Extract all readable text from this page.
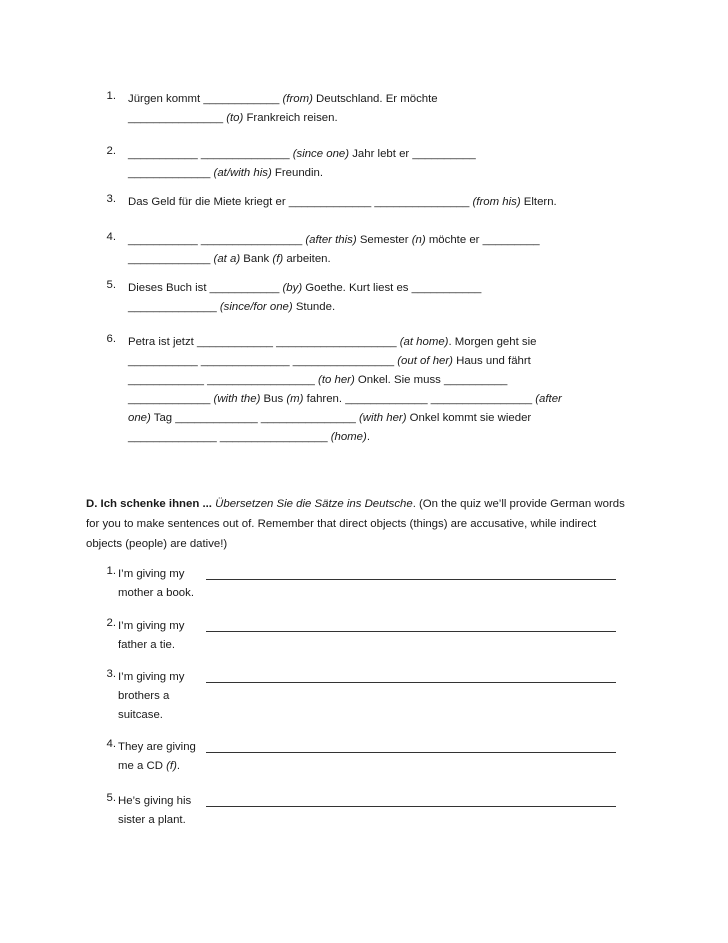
1. Jürgen kommt ____________ (from) Deutschland. Er möchte
_______________ (to) Frankreich reisen.
2. ___________ ______________ (since one) Jahr lebt er __________
_____________ (at/with his) Freundin.
3. Das Geld für die Miete kriegt er _____________ _______________ (from his) Eltern.
4. ___________ ________________ (after this) Semester (n) möchte er _________
_____________ (at a) Bank (f) arbeiten.
5. Dieses Buch ist ___________ (by) Goethe. Kurt liest es ___________
______________ (since/for one) Stunde.
6. Petra ist jetzt ____________ ___________________ (at home). Morgen geht sie
___________ ______________ ________________ (out of her) Haus und fährt
____________ _________________ (to her) Onkel. Sie muss __________
_____________ (with the) Bus (m) fahren. _____________ ________________ (after
one) Tag _____________ _______________ (with her) Onkel kommt sie wieder
______________ _________________ (home).
D. Ich schenke ihnen ... Übersetzen Sie die Sätze ins Deutsche. (On the quiz we’ll provide German words
for you to make sentences out of. Remember that direct objects (things) are accusative, while indirect
objects (people) are dative!)
1. I’m giving my
mother a book.
2. I’m giving my
father a tie.
3. I’m giving my
brothers a
suitcase.
4. They are giving
me a CD (f).
5. He’s giving his
sister a plant.
